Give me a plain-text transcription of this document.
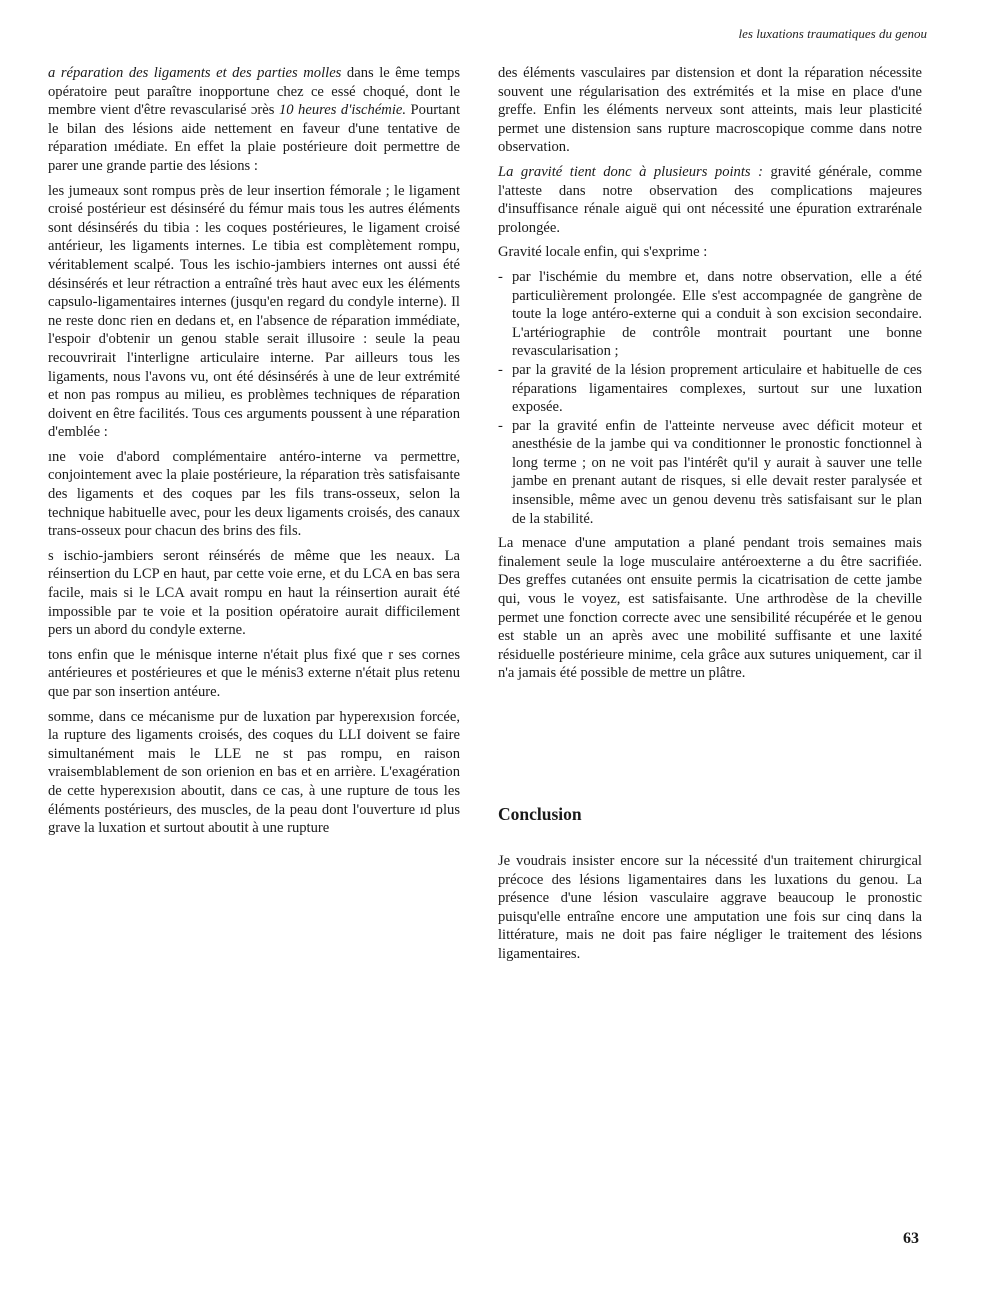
les luxations traumatiques du genou

a réparation des ligaments et des parties molles dans le ême temps opératoire peut paraître inopportune chez ce essé choqué, dont le membre vient d'être revascularisé ɔrès 10 heures d'ischémie. Pourtant le bilan des lésions aide nettement en faveur d'une tentative de réparation ımédiate. En effet la plaie postérieure doit permettre de parer une grande partie des lésions :

les jumeaux sont rompus près de leur insertion fémorale ; le ligament croisé postérieur est désinséré du fémur mais tous les autres éléments sont désinsérés du tibia : les coques postérieures, le ligament croisé antérieur, les ligaments internes. Le tibia est complètement rompu, véritablement scalpé. Tous les ischio-jambiers internes ont aussi été désinsérés et leur rétraction a entraîné très haut avec eux les éléments capsulo-ligamentaires internes (jusqu'en regard du condyle interne). Il ne reste donc rien en dedans et, en l'absence de réparation immédiate, l'espoir d'obtenir un genou stable serait illusoire : seule la peau recouvrirait l'interligne articulaire interne. Par ailleurs tous les ligaments, nous l'avons vu, ont été désinsérés à une de leur extrémité et non pas rompus au milieu, es problèmes techniques de réparation doivent en être facilités. Tous ces arguments poussent à une réparation d'emblée :

ıne voie d'abord complémentaire antéro-interne va permettre, conjointement avec la plaie postérieure, la réparation très satisfaisante des ligaments et des coques par les fils trans-osseux, selon la technique habituelle avec, pour les deux ligaments croisés, des canaux trans-osseux pour chacun des brins des fils.

s ischio-jambiers seront réinsérés de même que les neaux. La réinsertion du LCP en haut, par cette voie erne, et du LCA en bas sera facile, mais si le LCA avait rompu en haut la réinsertion aurait été impossible par te voie et la position opératoire aurait difficilement pers un abord du condyle externe.

tons enfin que le ménisque interne n'était plus fixé que r ses cornes antérieures et postérieures et que le ménis3 externe n'était plus retenu que par son insertion antéure.

somme, dans ce mécanisme pur de luxation par hyperexısion forcée, la rupture des ligaments croisés, des coques du LLI doivent se faire simultanément mais le LLE ne st pas rompu, en raison vraisemblablement de son orienion en bas et en arrière. L'exagération de cette hyperexısion aboutit, dans ce cas, à une rupture de tous les éléments postérieurs, des muscles, de la peau dont l'ouverture ıd plus grave la luxation et surtout aboutit à une rupture

des éléments vasculaires par distension et dont la réparation nécessite souvent une régularisation des extrémités et la mise en place d'une greffe. Enfin les éléments nerveux sont atteints, mais leur plasticité permet une distension sans rupture macroscopique comme dans notre observation.

La gravité tient donc à plusieurs points : gravité générale, comme l'atteste dans notre observation des complications majeures d'insuffisance rénale aiguë qui ont nécessité une épuration extrarénale prolongée.

Gravité locale enfin, qui s'exprime :

- par l'ischémie du membre et, dans notre observation, elle a été particulièrement prolongée. Elle s'est accompagnée de gangrène de toute la loge antéro-externe qui a conduit à son excision secondaire. L'artériographie de contrôle montrait pourtant une bonne revascularisation ;
- par la gravité de la lésion proprement articulaire et habituelle de ces réparations ligamentaires complexes, surtout sur une luxation exposée.
- par la gravité enfin de l'atteinte nerveuse avec déficit moteur et anesthésie de la jambe qui va conditionner le pronostic fonctionnel à long terme ; on ne voit pas l'intérêt qu'il y aurait à sauver une telle jambe en prenant autant de risques, si elle devait rester paralysée et insensible, même avec un genou devenu très satisfaisant sur le plan de la stabilité.

La menace d'une amputation a plané pendant trois semaines mais finalement seule la loge musculaire antéroexterne a du être sacrifiée. Des greffes cutanées ont ensuite permis la cicatrisation de cette jambe qui, vous le voyez, est satisfaisante. Une arthrodèse de la cheville permet une fonction correcte avec une sensibilité récupérée et le genou est stable un an après avec une mobilité suffisante et une laxité résiduelle postérieure minime, cela grâce aux sutures uniquement, car il n'a jamais été possible de mettre un plâtre.

Conclusion

Je voudrais insister encore sur la nécessité d'un traitement chirurgical précoce des lésions ligamentaires dans les luxations du genou. La présence d'une lésion vasculaire aggrave beaucoup le pronostic puisqu'elle entraîne encore une amputation une fois sur cinq dans la littérature, mais ne doit pas faire négliger le traitement des lésions ligamentaires.

63
